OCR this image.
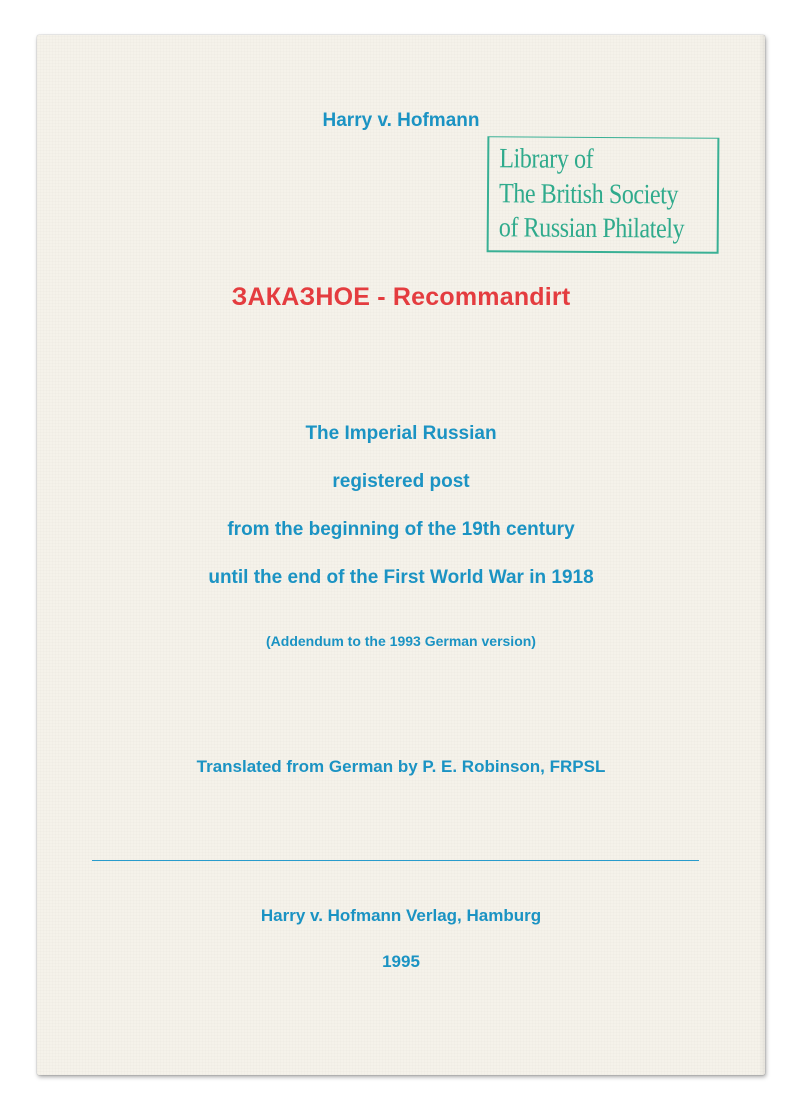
Harry v. Hofmann
Library of
The British Society
of Russian Philately
ЗАКАЗНОЕ - Recommandirt
The Imperial Russian
registered post
from the beginning of the 19th century
until the end of the First World War in 1918
(Addendum to the 1993 German version)
Translated from German by P. E. Robinson, FRPSL
Harry v. Hofmann Verlag, Hamburg
1995
